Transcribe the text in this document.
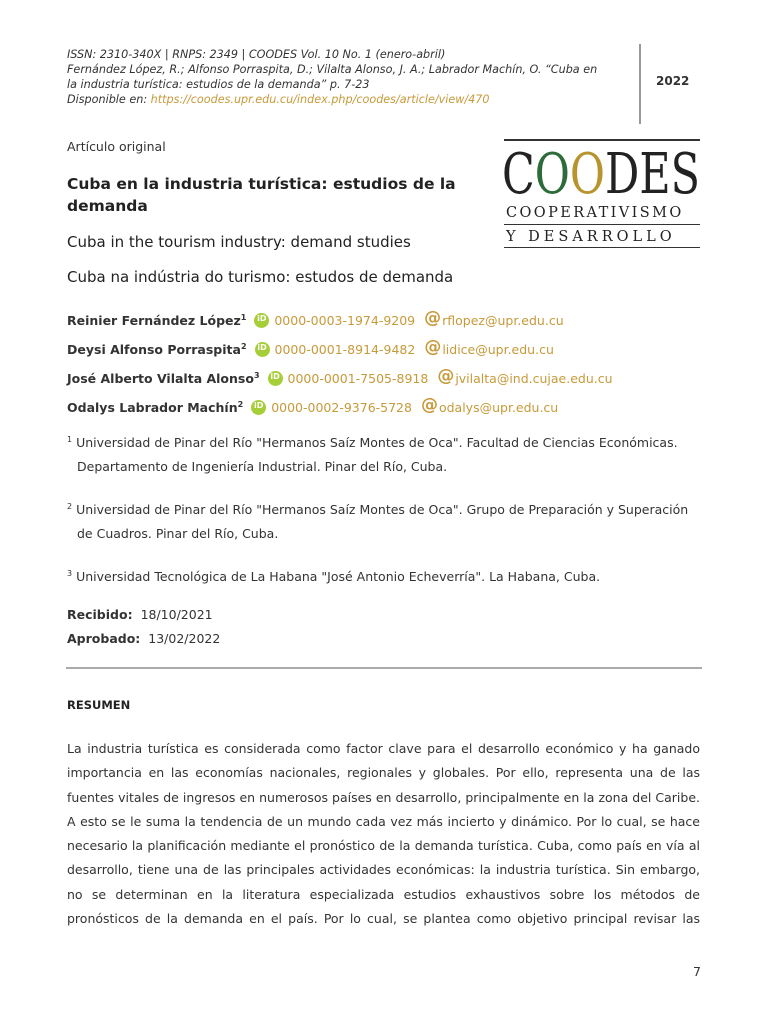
ISSN: 2310-340X | RNPS: 2349 | COODES Vol. 10 No. 1 (enero-abril)
Fernández López, R.; Alfonso Porraspita, D.; Vilalta Alonso, J. A.; Labrador Machín, O. “Cuba en
la industria turística: estudios de la demanda” p. 7-23
Disponible en: https://coodes.upr.edu.cu/index.php/coodes/article/view/470
2022
Artículo original
Cuba en la industria turística: estudios de la demanda
Cuba in the tourism industry: demand studies
Cuba na indústria do turismo: estudos de demanda
COODES
COOPERATIVISMO
Y DESARROLLO
Reinier Fernández López$^1$ iD 0000-0003-1974-9209 @ rflopez@upr.edu.cu
Deysi Alfonso Porraspita$^2$ iD 0000-0001-8914-9482 @ lidice@upr.edu.cu
José Alberto Vilalta Alonso$^3$ iD 0000-0001-7505-8918 @ jvilalta@ind.cujae.edu.cu
Odalys Labrador Machín$^2$ iD 0000-0002-9376-5728 @ odalys@upr.edu.cu
$^1$ Universidad de Pinar del Río "Hermanos Saíz Montes de Oca". Facultad de Ciencias Económicas.
Departamento de Ingeniería Industrial. Pinar del Río, Cuba.
$^2$ Universidad de Pinar del Río "Hermanos Saíz Montes de Oca". Grupo de Preparación y Superación
de Cuadros. Pinar del Río, Cuba.
$^3$ Universidad Tecnológica de La Habana "José Antonio Echeverría". La Habana, Cuba.
Recibido: 18/10/2021
Aprobado: 13/02/2022
RESUMEN
La industria turística es considerada como factor clave para el desarrollo económico y ha ganado
importancia en las economías nacionales, regionales y globales. Por ello, representa una de las
fuentes vitales de ingresos en numerosos países en desarrollo, principalmente en la zona del Caribe.
A esto se le suma la tendencia de un mundo cada vez más incierto y dinámico. Por lo cual, se hace
necesario la planificación mediante el pronóstico de la demanda turística. Cuba, como país en vía al
desarrollo, tiene una de las principales actividades económicas: la industria turística. Sin embargo,
no se determinan en la literatura especializada estudios exhaustivos sobre los métodos de
pronósticos de la demanda en el país. Por lo cual, se plantea como objetivo principal revisar las
7
